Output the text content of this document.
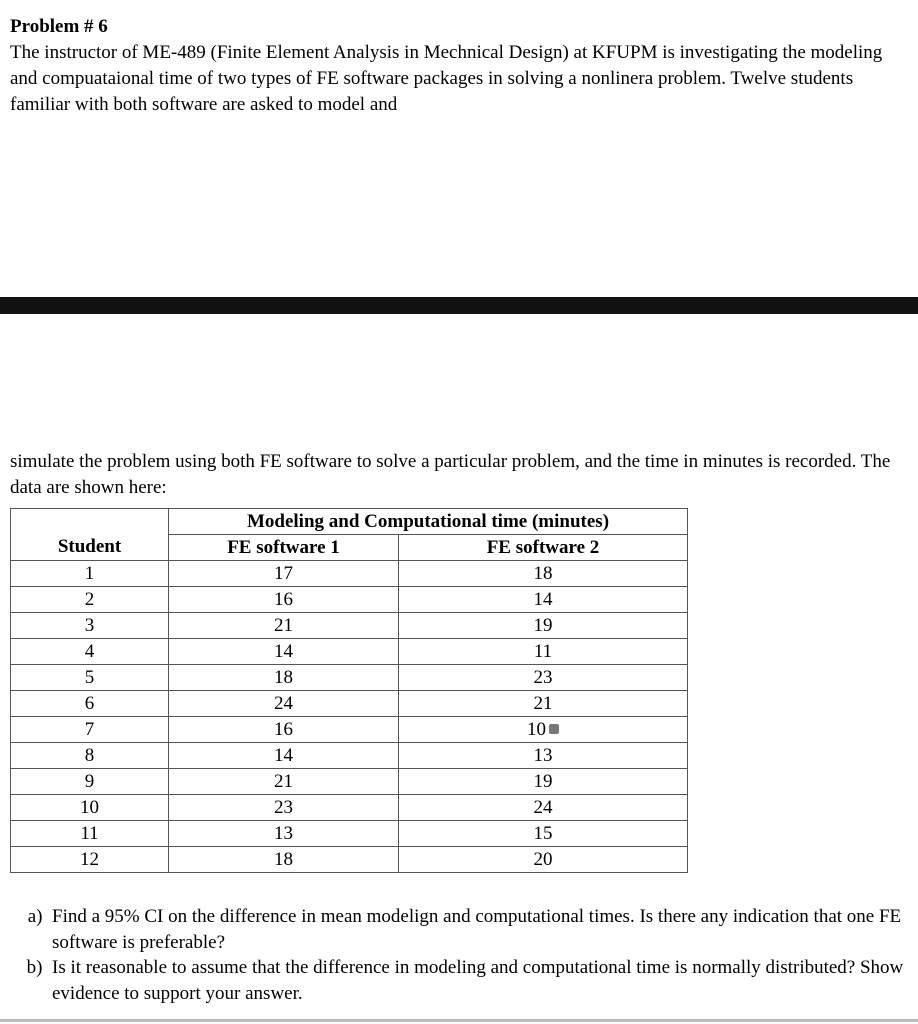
Problem # 6

The instructor of ME-489 (Finite Element Analysis in Mechnical Design) at KFUPM is investigating the modeling and compuataional time of two types of FE software packages in solving a nonlinera problem. Twelve students familiar with both software are asked to model and

simulate the problem using both FE software to solve a particular problem, and the time in minutes is recorded. The data are shown here:

	Modeling and Computational time (minutes)	
Student	FE software 1	FE software 2
1	17	18
2	16	14
3	21	19
4	14	11
5	18	23
6	24	21
7	16	10
8	14	13
9	21	19
10	23	24
11	13	15
12	18	20
a. Find a 95% CI on the difference in mean modelign and computational times. Is there any indication that one FE software is preferable?
b. Is it reasonable to assume that the difference in modeling and computational time is normally distributed? Show evidence to support your answer.
